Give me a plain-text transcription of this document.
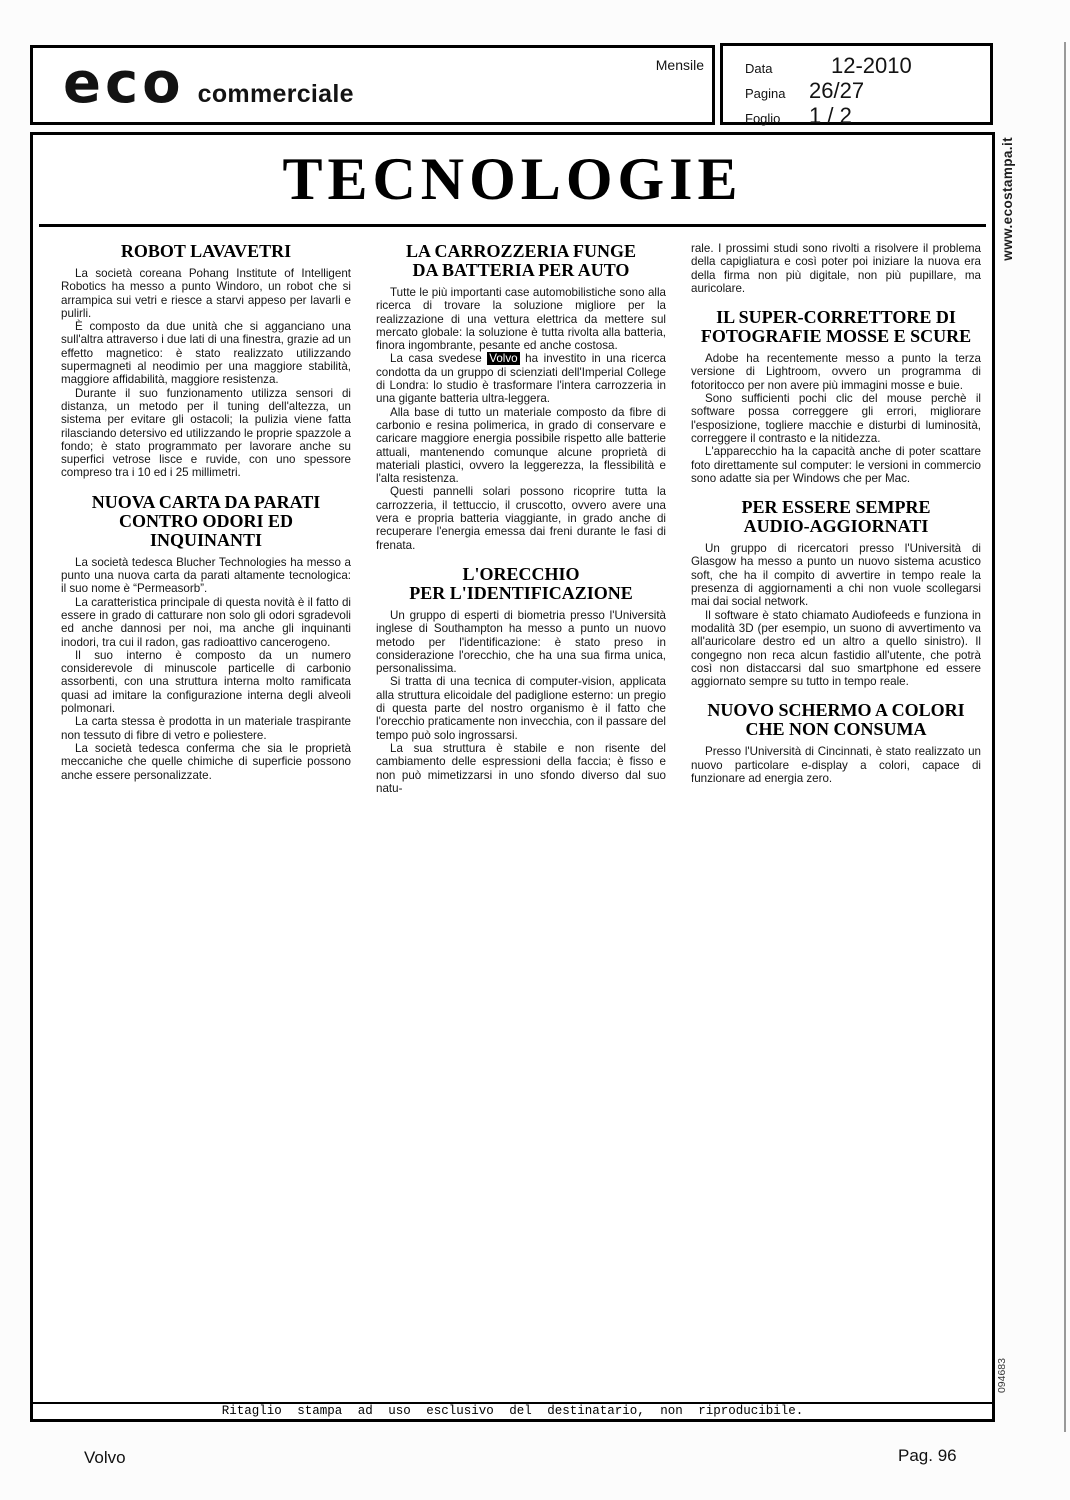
eco commerciale
Mensile	Data	12-2010
Pagina	26/27
Foglio	1 / 2
TECNOLOGIE
ROBOT LAVAVETRI

La società coreana Pohang Institute of Intelligent Robotics ha messo a punto Windoro, un robot che si arrampica sui vetri e riesce a starvi appeso per lavarli e pulirli.

È composto da due unità che si agganciano una sull'altra attraverso i due lati di una finestra, grazie ad un effetto magnetico: è stato realizzato utilizzando supermagneti al neodimio per una maggiore stabilità, maggiore affidabilità, maggiore resistenza.

Durante il suo funzionamento utilizza sensori di distanza, un metodo per il tuning dell'altezza, un sistema per evitare gli ostacoli; la pulizia viene fatta rilasciando detersivo ed utilizzando le proprie spazzole a fondo; è stato programmato per lavorare anche su superfici vetrose lisce e ruvide, con uno spessore compreso tra i 10 ed i 25 millimetri.

NUOVA CARTA DA PARATI
CONTRO ODORI ED INQUINANTI

La società tedesca Blucher Technologies ha messo a punto una nuova carta da parati altamente tecnologica: il suo nome è “Permeasorb”.

La caratteristica principale di questa novità è il fatto di essere in grado di catturare non solo gli odori sgradevoli ed anche dannosi per noi, ma anche gli inquinanti inodori, tra cui il radon, gas radioattivo cancerogeno.

Il suo interno è composto da un numero considerevole di minuscole particelle di carbonio assorbenti, con una struttura interna molto ramificata quasi ad imitare la configurazione interna degli alveoli polmonari.

La carta stessa è prodotta in un materiale traspirante non tessuto di fibre di vetro e poliestere.

La società tedesca conferma che sia le proprietà meccaniche che quelle chimiche di superficie possono anche essere personalizzate.

LA CARROZZERIA FUNGE
DA BATTERIA PER AUTO

Tutte le più importanti case automobilistiche sono alla ricerca di trovare la soluzione migliore per la realizzazione di una vettura elettrica da mettere sul mercato globale: la soluzione è tutta rivolta alla batteria, finora ingombrante, pesante ed anche costosa.

La casa svedese Volvo ha investito in una ricerca condotta da un gruppo di scienziati dell'Imperial College di Londra: lo studio è trasformare l'intera carrozzeria in una gigante batteria ultra-leggera.

Alla base di tutto un materiale composto da fibre di carbonio e resina polimerica, in grado di conservare e caricare maggiore energia possibile rispetto alle batterie attuali, mantenendo comunque alcune proprietà di materiali plastici, ovvero la leggerezza, la flessibilità e l'alta resistenza.

Questi pannelli solari possono ricoprire tutta la carrozzeria, il tettuccio, il cruscotto, ovvero avere una vera e propria batteria viaggiante, in grado anche di recuperare l'energia emessa dai freni durante le fasi di frenata.

L'ORECCHIO
PER L'IDENTIFICAZIONE

Un gruppo di esperti di biometria presso l'Università inglese di Southampton ha messo a punto un nuovo metodo per l'identificazione: è stato preso in considerazione l'orecchio, che ha una sua firma unica, personalissima.

Si tratta di una tecnica di computer-vision, applicata alla struttura elicoidale del padiglione esterno: un pregio di questa parte del nostro organismo è il fatto che l'orecchio praticamente non invecchia, con il passare del tempo può solo ingrossarsi.

La sua struttura è stabile e non risente del cambiamento delle espressioni della faccia; è fisso e non può mimetizzarsi in uno sfondo diverso dal suo natu-

rale. I prossimi studi sono rivolti a risolvere il problema della capigliatura e così poter poi iniziare la nuova era della firma non più digitale, non più pupillare, ma auricolare.

IL SUPER-CORRETTORE DI
FOTOGRAFIE MOSSE E SCURE

Adobe ha recentemente messo a punto la terza versione di Lightroom, ovvero un programma di fotoritocco per non avere più immagini mosse e buie.

Sono sufficienti pochi clic del mouse perchè il software possa correggere gli errori, migliorare l'esposizione, togliere macchie e disturbi di luminosità, correggere il contrasto e la nitidezza.

L'apparecchio ha la capacità anche di poter scattare foto direttamente sul computer: le versioni in commercio sono adatte sia per Windows che per Mac.

PER ESSERE SEMPRE
AUDIO-AGGIORNATI

Un gruppo di ricercatori presso l'Università di Glasgow ha messo a punto un nuovo sistema acustico soft, che ha il compito di avvertire in tempo reale la presenza di aggiornamenti a chi non vuole scollegarsi mai dai social network.

Il software è stato chiamato Audiofeeds e funziona in modalità 3D (per esempio, un suono di avvertimento va all'auricolare destro ed un altro a quello sinistro). Il congegno non reca alcun fastidio all'utente, che potrà così non distaccarsi dal suo smartphone ed essere aggiornato sempre su tutto in tempo reale.

NUOVO SCHERMO A COLORI
CHE NON CONSUMA

Presso l'Università di Cincinnati, è stato realizzato un nuovo particolare e-display a colori, capace di funzionare ad energia zero.

Ritaglio stampa ad uso esclusivo del destinatario, non riproducibile.
www.ecostampa.it
094683
Volvo	Pag. 96
